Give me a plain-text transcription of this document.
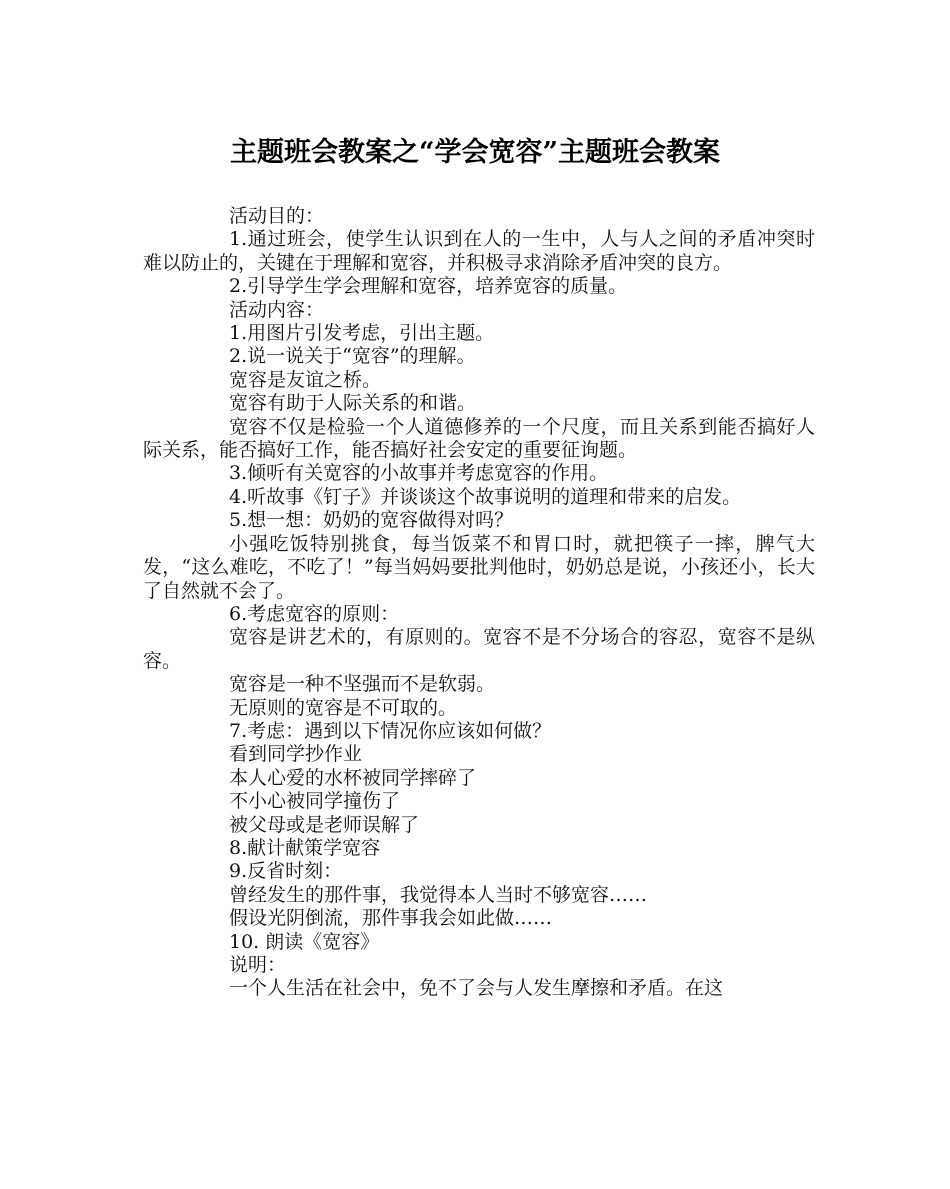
主题班会教案之“学会宽容”主题班会教案

活动目的：

1.通过班会，使学生认识到在人的一生中，人与人之间的矛盾冲突时难以防止的，关键在于理解和宽容，并积极寻求消除矛盾冲突的良方。

2.引导学生学会理解和宽容，培养宽容的质量。

活动内容：

1.用图片引发考虑，引出主题。

2.说一说关于“宽容”的理解。

宽容是友谊之桥。

宽容有助于人际关系的和谐。

宽容不仅是检验一个人道德修养的一个尺度，而且关系到能否搞好人际关系，能否搞好工作，能否搞好社会安定的重要征询题。

3.倾听有关宽容的小故事并考虑宽容的作用。

4.听故事《钉子》并谈谈这个故事说明的道理和带来的启发。

5.想一想：奶奶的宽容做得对吗？

小强吃饭特别挑食，每当饭菜不和胃口时，就把筷子一摔，脾气大发，“这么难吃，不吃了！”每当妈妈要批判他时，奶奶总是说，小孩还小，长大了自然就不会了。

6.考虑宽容的原则：

宽容是讲艺术的，有原则的。宽容不是不分场合的容忍，宽容不是纵容。

宽容是一种不坚强而不是软弱。

无原则的宽容是不可取的。

7.考虑：遇到以下情况你应该如何做？

看到同学抄作业

本人心爱的水杯被同学摔碎了

不小心被同学撞伤了

被父母或是老师误解了

8.献计献策学宽容

9.反省时刻：

曾经发生的那件事，我觉得本人当时不够宽容……

假设光阴倒流，那件事我会如此做……

10. 朗读《宽容》

说明：

一个人生活在社会中，免不了会与人发生摩擦和矛盾。在这
